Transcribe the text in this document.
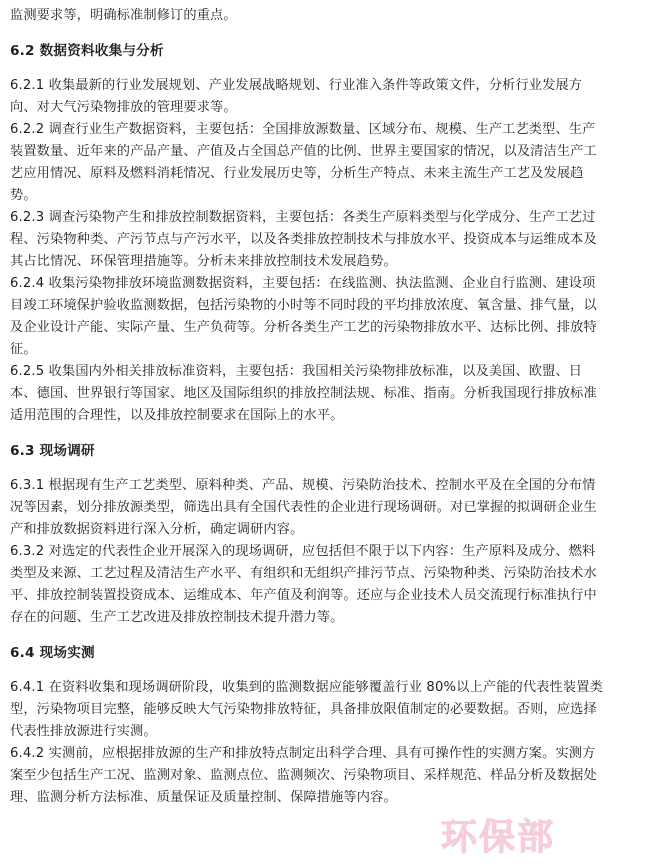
监测要求等，明确标准制修订的重点。
6.2 数据资料收集与分析
6.2.1 收集最新的行业发展规划、产业发展战略规划、行业准入条件等政策文件，分析行业发展方
向、对大气污染物排放的管理要求等。
6.2.2 调查行业生产数据资料，主要包括：全国排放源数量、区域分布、规模、生产工艺类型、生产
装置数量、近年来的产品产量、产值及占全国总产值的比例、世界主要国家的情况，以及清洁生产工
艺应用情况、原料及燃料消耗情况、行业发展历史等，分析生产特点、未来主流生产工艺及发展趋
势。
6.2.3 调查污染物产生和排放控制数据资料，主要包括：各类生产原料类型与化学成分、生产工艺过
程、污染物种类、产污节点与产污水平，以及各类排放控制技术与排放水平、投资成本与运维成本及
其占比情况、环保管理措施等。分析未来排放控制技术发展趋势。
6.2.4 收集污染物排放环境监测数据资料，主要包括：在线监测、执法监测、企业自行监测、建设项
目竣工环境保护验收监测数据，包括污染物的小时等不同时段的平均排放浓度、氧含量、排气量，以
及企业设计产能、实际产量、生产负荷等。分析各类生产工艺的污染物排放水平、达标比例、排放特
征。
6.2.5 收集国内外相关排放标准资料，主要包括：我国相关污染物排放标准，以及美国、欧盟、日
本、德国、世界银行等国家、地区及国际组织的排放控制法规、标准、指南。分析我国现行排放标准
适用范围的合理性，以及排放控制要求在国际上的水平。
6.3 现场调研
6.3.1 根据现有生产工艺类型、原料种类、产品、规模、污染防治技术、控制水平及在全国的分布情
况等因素，划分排放源类型，筛选出具有全国代表性的企业进行现场调研。对已掌握的拟调研企业生
产和排放数据资料进行深入分析，确定调研内容。
6.3.2 对选定的代表性企业开展深入的现场调研，应包括但不限于以下内容：生产原料及成分、燃料
类型及来源、工艺过程及清洁生产水平、有组织和无组织产排污节点、污染物种类、污染防治技术水
平、排放控制装置投资成本、运维成本、年产值及利润等。还应与企业技术人员交流现行标准执行中
存在的问题、生产工艺改进及排放控制技术提升潜力等。
6.4 现场实测
6.4.1 在资料收集和现场调研阶段，收集到的监测数据应能够覆盖行业 80%以上产能的代表性装置类
型，污染物项目完整，能够反映大气污染物排放特征，具备排放限值制定的必要数据。否则，应选择
代表性排放源进行实测。
6.4.2 实测前，应根据排放源的生产和排放特点制定出科学合理、具有可操作性的实测方案。实测方
案至少包括生产工况、监测对象、监测点位、监测频次、污染物项目、采样规范、样品分析及数据处
理、监测分析方法标准、质量保证及质量控制、保障措施等内容。
环保部
